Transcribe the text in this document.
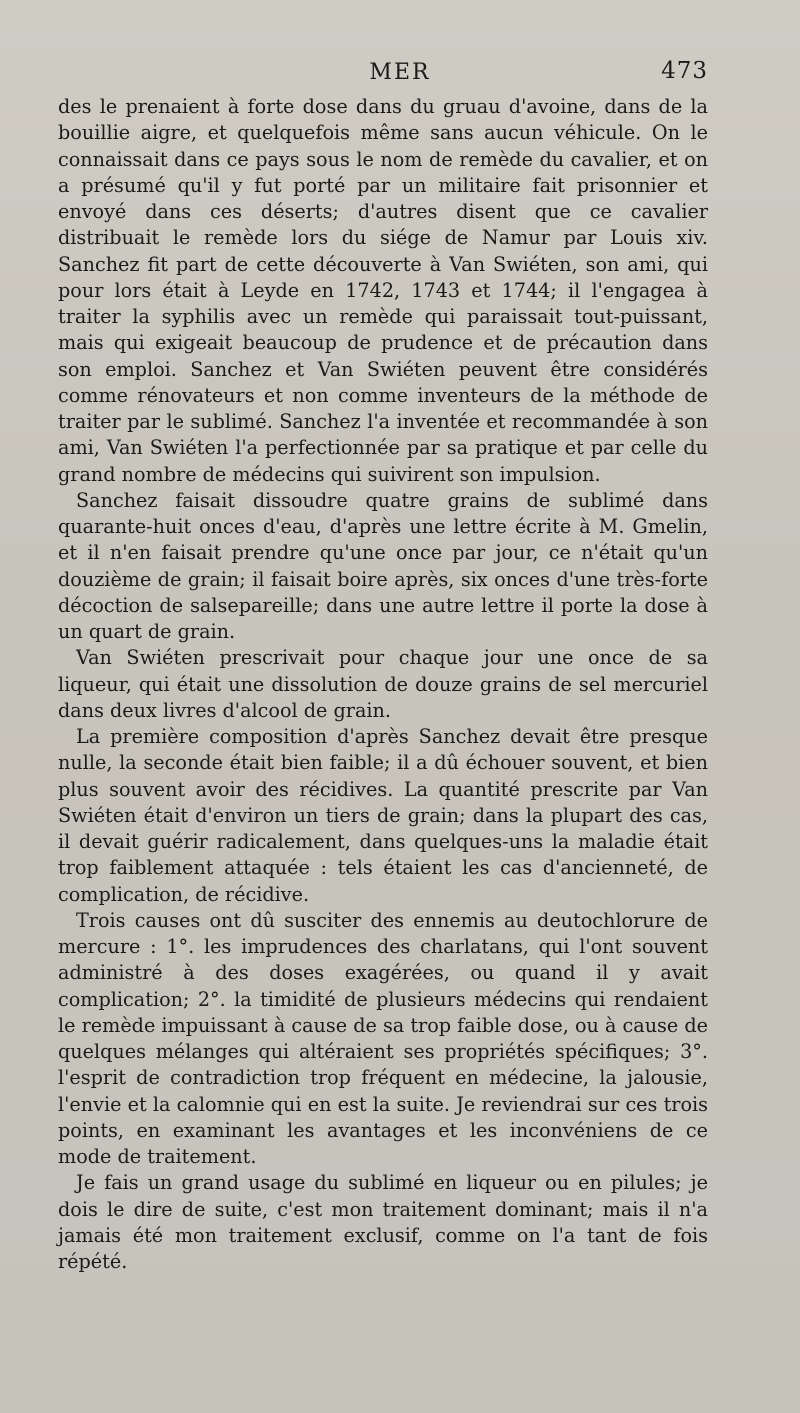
MER	473

des le prenaient à forte dose dans du gruau d'avoine, dans de la bouillie aigre, et quelquefois même sans aucun véhicule. On le connaissait dans ce pays sous le nom de remède du cavalier, et on a présumé qu'il y fut porté par un militaire fait prisonnier et envoyé dans ces déserts; d'autres disent que ce cavalier distribuait le remède lors du siége de Namur par Louis xiv. Sanchez fit part de cette découverte à Van Swiéten, son ami, qui pour lors était à Leyde en 1742, 1743 et 1744; il l'engagea à traiter la syphilis avec un remède qui paraissait tout-puissant, mais qui exigeait beaucoup de prudence et de précaution dans son emploi. Sanchez et Van Swiéten peuvent être considérés comme rénovateurs et non comme inventeurs de la méthode de traiter par le sublimé. Sanchez l'a inventée et recommandée à son ami, Van Swiéten l'a perfectionnée par sa pratique et par celle du grand nombre de médecins qui suivirent son impulsion.

Sanchez faisait dissoudre quatre grains de sublimé dans quarante-huit onces d'eau, d'après une lettre écrite à M. Gmelin, et il n'en faisait prendre qu'une once par jour, ce n'était qu'un douzième de grain; il faisait boire après, six onces d'une très-forte décoction de salsepareille; dans une autre lettre il porte la dose à un quart de grain.

Van Swiéten prescrivait pour chaque jour une once de sa liqueur, qui était une dissolution de douze grains de sel mercuriel dans deux livres d'alcool de grain.

La première composition d'après Sanchez devait être presque nulle, la seconde était bien faible; il a dû échouer souvent, et bien plus souvent avoir des récidives. La quantité prescrite par Van Swiéten était d'environ un tiers de grain; dans la plupart des cas, il devait guérir radicalement, dans quelques-uns la maladie était trop faiblement attaquée : tels étaient les cas d'ancienneté, de complication, de récidive.

Trois causes ont dû susciter des ennemis au deutochlorure de mercure : 1°. les imprudences des charlatans, qui l'ont souvent administré à des doses exagérées, ou quand il y avait complication; 2°. la timidité de plusieurs médecins qui rendaient le remède impuissant à cause de sa trop faible dose, ou à cause de quelques mélanges qui altéraient ses propriétés spécifiques; 3°. l'esprit de contradiction trop fréquent en médecine, la jalousie, l'envie et la calomnie qui en est la suite. Je reviendrai sur ces trois points, en examinant les avantages et les inconvéniens de ce mode de traitement.

Je fais un grand usage du sublimé en liqueur ou en pilules; je dois le dire de suite, c'est mon traitement dominant; mais il n'a jamais été mon traitement exclusif, comme on l'a tant de fois répété.
